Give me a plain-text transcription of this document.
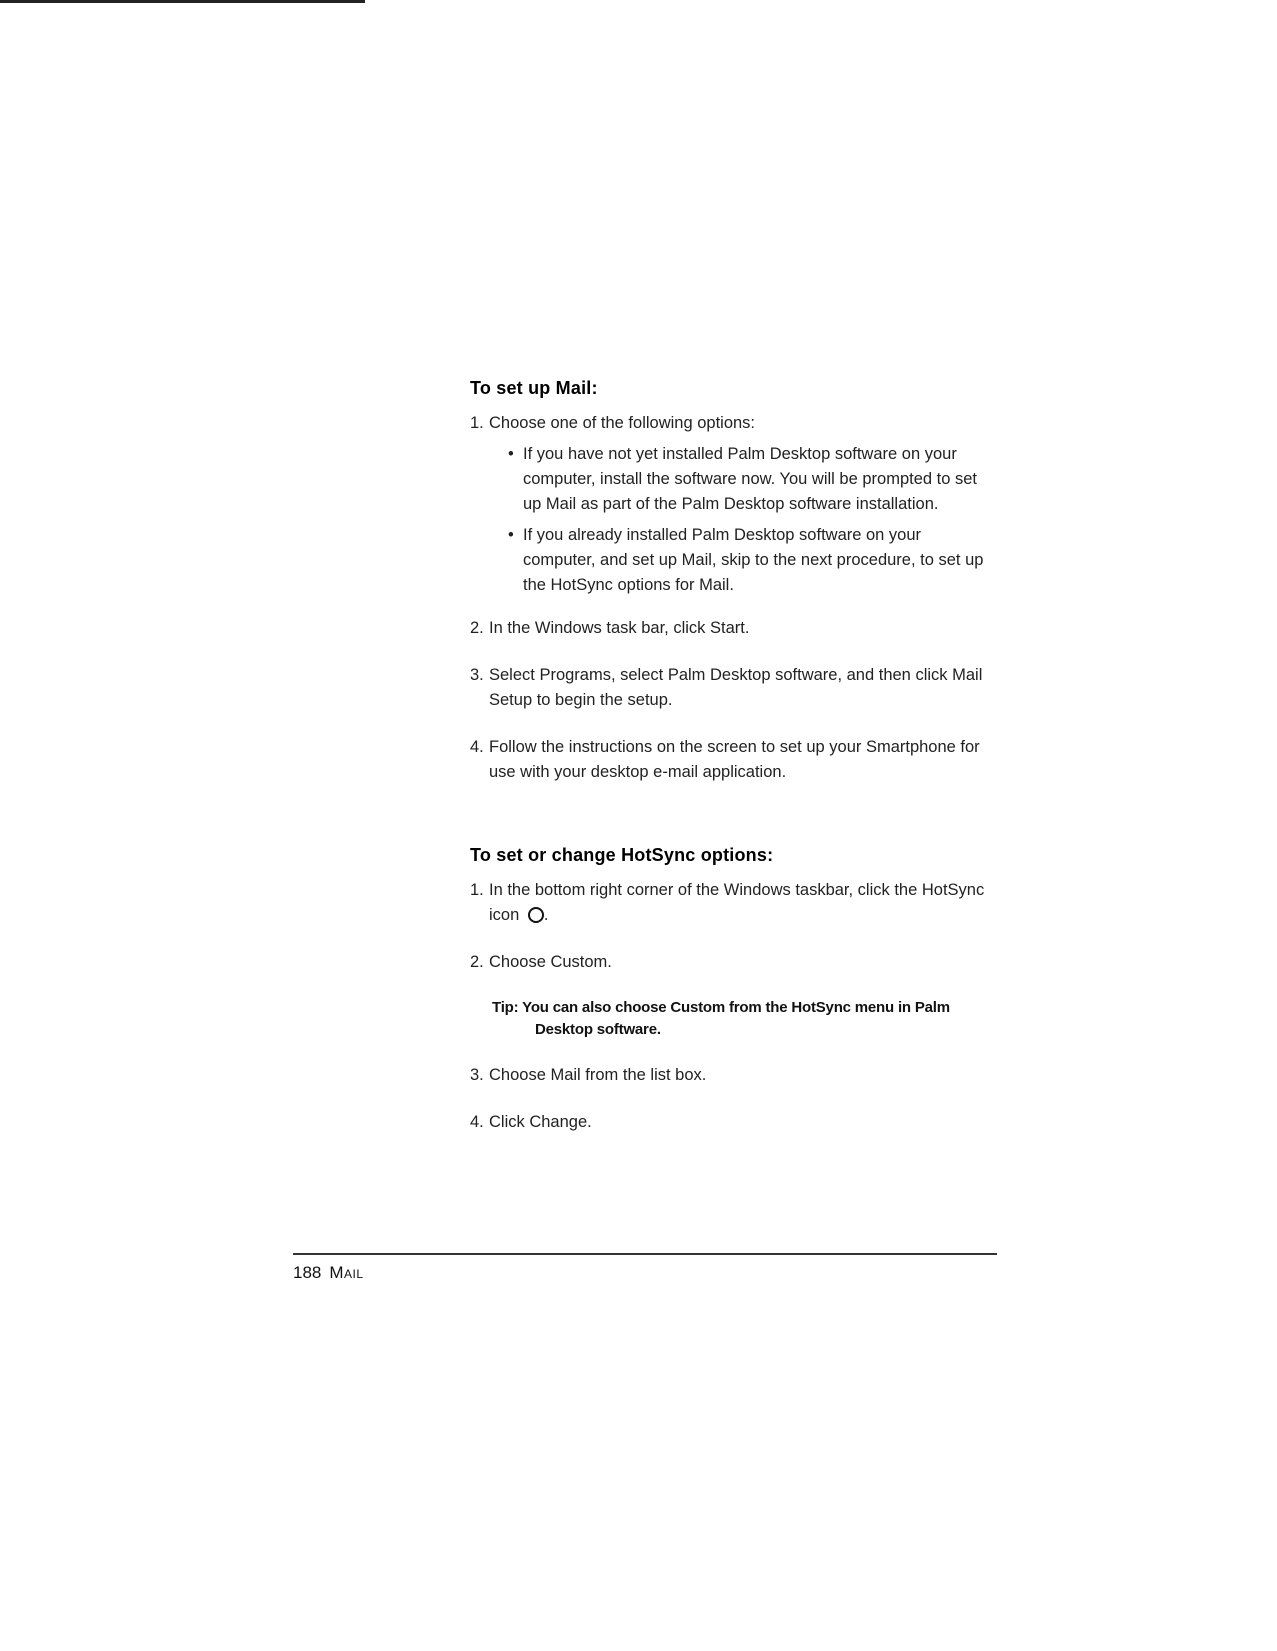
To set up Mail:
1. Choose one of the following options:
• If you have not yet installed Palm Desktop software on your computer, install the software now. You will be prompted to set up Mail as part of the Palm Desktop software installation.
• If you already installed Palm Desktop software on your computer, and set up Mail, skip to the next procedure, to set up the HotSync options for Mail.
2. In the Windows task bar, click Start.
3. Select Programs, select Palm Desktop software, and then click Mail Setup to begin the setup.
4. Follow the instructions on the screen to set up your Smartphone for use with your desktop e-mail application.
To set or change HotSync options:
1. In the bottom right corner of the Windows taskbar, click the HotSync icon .
2. Choose Custom.
Tip: You can also choose Custom from the HotSync menu in Palm Desktop software.
3. Choose Mail from the list box.
4. Click Change.
188 Mail
